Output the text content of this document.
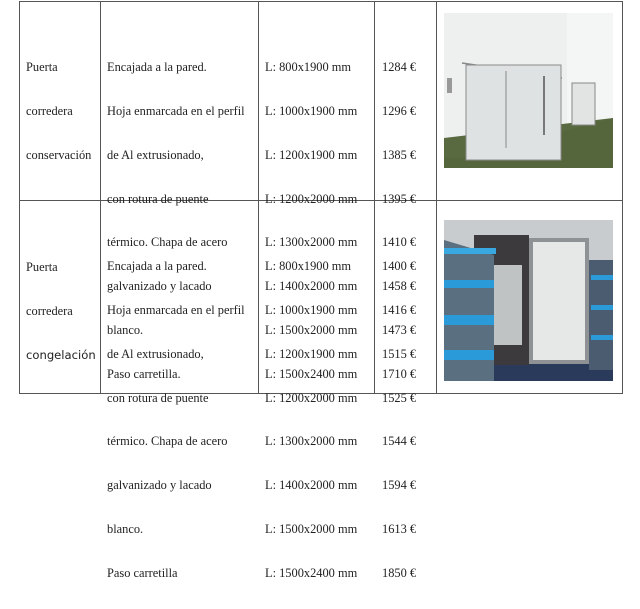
Puerta

corredera

conservación

Encajada a la pared.

Hoja enmarcada en el perfil

de Al extrusionado,

con rotura de puente

térmico. Chapa de acero

galvanizado y lacado

blanco.

Paso carretilla.

L: 800x1900 mm

L: 1000x1900 mm

L: 1200x1900 mm

L: 1200x2000 mm

L: 1300x2000 mm

L: 1400x2000 mm

L: 1500x2000 mm

L: 1500x2400 mm

1284 €

1296 €

1385 €

1395 €

1410 €

1458 €

1473 €

1710 €

Puerta

corredera

congelación

Encajada a la pared.

Hoja enmarcada en el perfil

de Al extrusionado,

con rotura de puente

térmico. Chapa de acero

galvanizado y lacado

blanco.

Paso carretilla

L: 800x1900 mm

L: 1000x1900 mm

L: 1200x1900 mm

L: 1200x2000 mm

L: 1300x2000 mm

L: 1400x2000 mm

L: 1500x2000 mm

L: 1500x2400 mm

1400 €

1416 €

1515 €

1525 €

1544 €

1594 €

1613 €

1850 €
